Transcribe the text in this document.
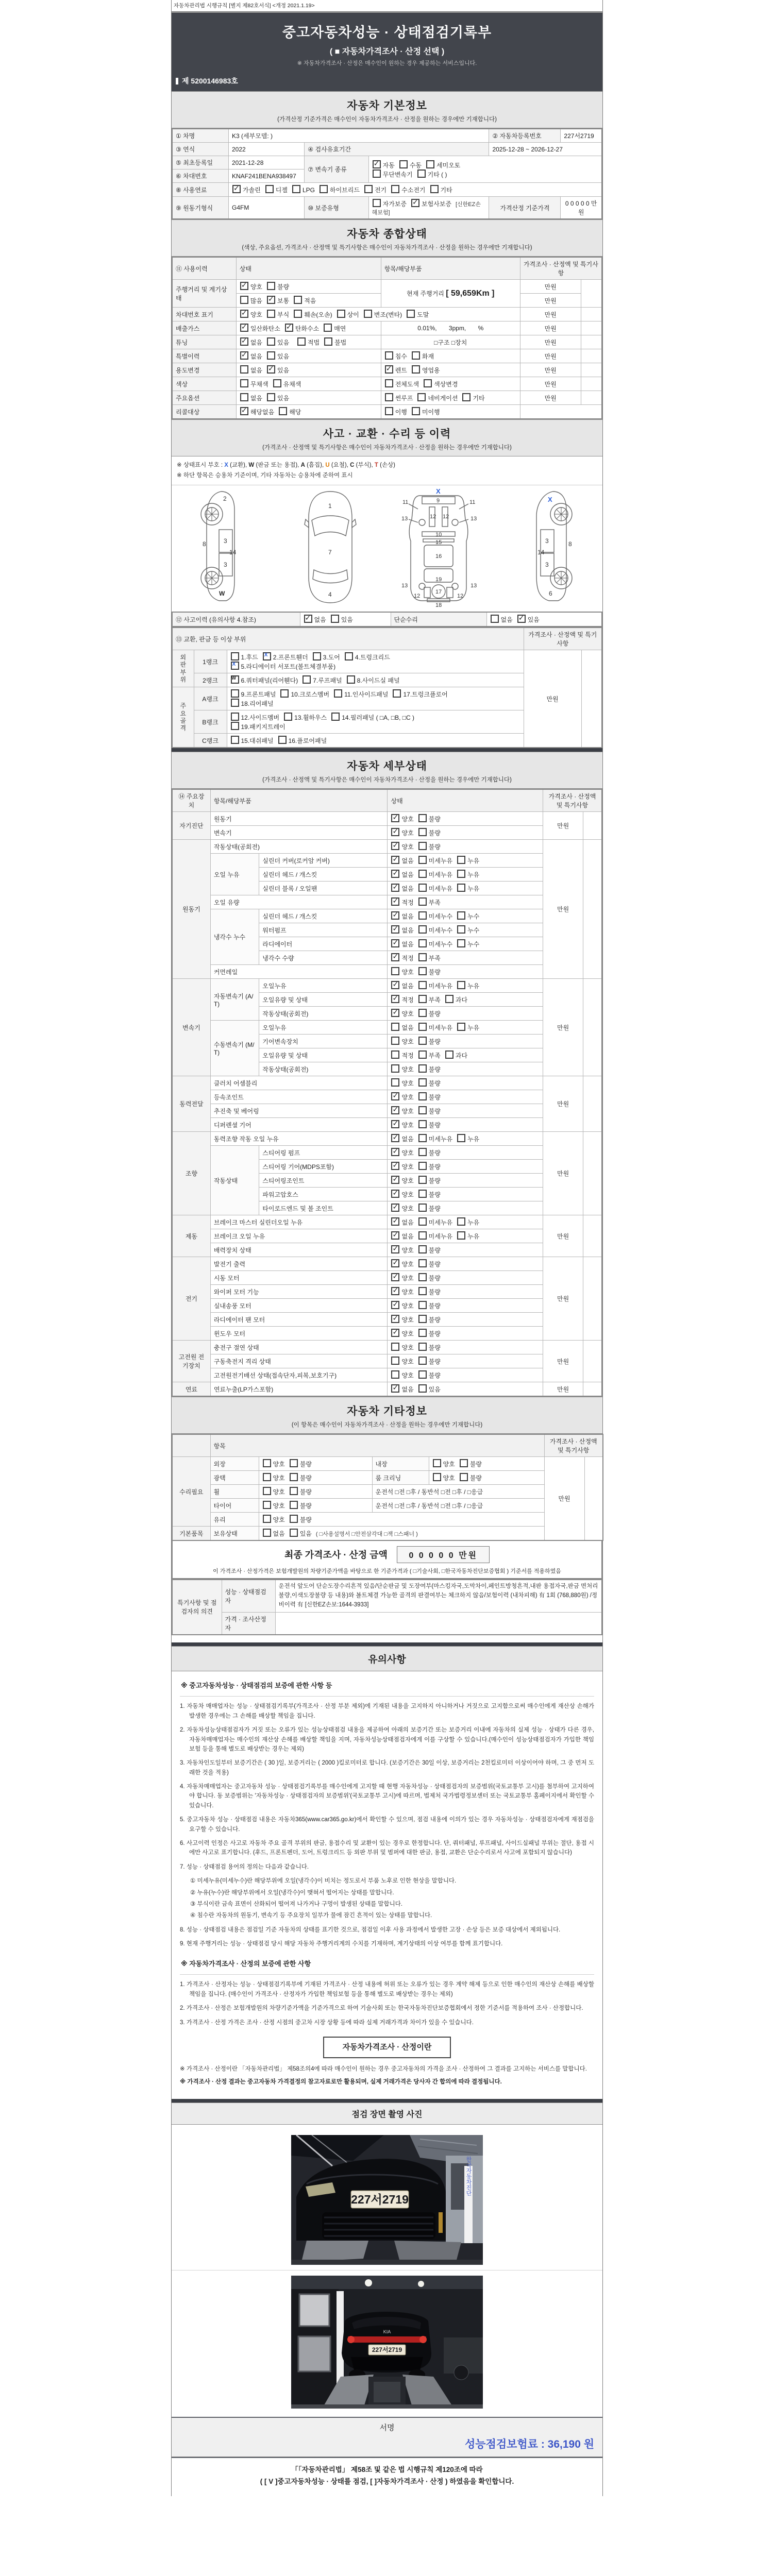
자동차관리법 시행규칙 [별지 제82호서식] <개정 2021.1.19>
중고자동차성능 · 상태점검기록부
( ■ 자동차가격조사 · 산정 선택 )
※ 자동차가격조사 · 산정은 매수인이 원하는 경우 제공하는 서비스입니다.
제 5200146983호
자동차 기본정보

(가격산정 기준가격은 매수인이 자동차가격조사 · 산정을 원하는 경우에만 기재합니다)

① 차명	K3 (세부모델: )			② 자동차등록번호	227서2719
③ 연식	2022	④ 검사유효기간		2025-12-28 ~ 2026-12-27	
⑤ 최초등록일	2021-12-28	⑦ 변속기 종류	✓자동 수동 세미오토
무단변속기 기타 ( )
⑥ 차대번호	KNAF241BENA938497				
⑧ 사용연료	✓가솔린 디젤 LPG 하이브리드 전기 수소전기 기타
⑨ 원동기형식	G4FM	⑩ 보증유형	자가보증 ✓ 보험사보증 [신한EZ손해보험]	가격산정 기준가격	0 0 0 0 0 만원
자동차 종합상태

(색상, 주요옵션, 가격조사 · 산정액 및 특기사항은 매수인이 자동차가격조사 · 산정을 원하는 경우에만 기재합니다)

⑪ 사용이력	상태	항목/해당부품	가격조사 · 산정액 및 특기사항	
주행거리 및 계기상태	✓양호 불량	현재 주행거리 [ 59,659Km ]	만원	
	많음 ✓ 보통 적음		만원	
차대번호 표기	✓양호 부식 훼손(오손) 상이 변조(변타) 도말		만원	
배출가스	✓일산화탄소 ✓ 탄화수소 매연	0.01%,       3ppm,       %	만원	
튜닝	✓없음 있음 적법 불법	□구조 □장치	만원	
특별이력	✓없음 있음	침수 화재	만원	
용도변경	없음 ✓ 있음	✓렌트 영업용	만원	
색상	무채색 유채색	전체도색 색상변경	만원	
주요옵션	없음 있음	썬루프 네비게이션 기타	만원	
리콜대상	✓해당없음 해당	이행 미이행		
사고 · 교환 · 수리 등 이력

(가격조사 · 산정액 및 특기사항은 매수인이 자동차가격조사 · 산정을 원하는 경우에만 기재합니다)

※ 상태표시 부호 : X (교환), W (판금 또는 용접), A (흠집), U (요철), C (부식), T (손상)
※ 하단 항목은 승용차 기준이며, 기타 자동차는 승용차에 준하여 표시
3
3
2
8
14
W
1
7
4
9
11	11
13	13
12 12
10
15
16
13	13
19
17
12	12
18
X
3
3
8
14
6
X
⑫ 사고이력 (유의사항 4.참조)	✓없음 있음	단순수리	없음 ✓ 있음
⑬ 교환, 판금 등 이상 부위			가격조사 · 산정액 및 특기사항	
외판부위	1랭크	1.후드 X 2.프론트휀더 3.도어 4.트렁크리드
X5.라디에이터 서포트(볼트체결부품)	만원	
	2랭크	W6.쿼터패널(리어휀다) 7.루프패널 8.사이드실 패널
주요골격	A랭크	9.프론트패널 10.크로스멤버 11.인사이드패널 17.트렁크플로어
18.리어패널		
	B랭크	12.사이드멤버 13.휠하우스 14.필러패널 ( □A, □B, □C )
19.패키지트레이		
	C랭크	15.대쉬패널 16.플로어패널		
자동차 세부상태

(가격조사 · 산정액 및 특기사항은 매수인이 자동차가격조사 · 산정을 원하는 경우에만 기재합니다)

⑭ 주요장치	항목/해당부품		상태	가격조사 · 산정액 및 특기사항	
자기진단	원동기	✓양호 불량	만원	
	변속기	✓양호 불량
원동기	작동상태(공회전)	✓양호 불량	만원	
	오일 누유	실린더 커버(로커암 커버)	✓없음 미세누유 누유
		실린더 헤드 / 개스킷	✓없음 미세누유 누유
		실린더 블록 / 오일팬	✓없음 미세누유 누유
	오일 유량	✓적정 부족
	냉각수 누수	실린더 헤드 / 개스킷	✓없음 미세누수 누수
		워터펌프	✓없음 미세누수 누수
		라디에이터	✓없음 미세누수 누수
		냉각수 수량	✓적정 부족
	커먼레일		양호 불량		
변속기	자동변속기 (A/T)	오일누유	✓없음 미세누유 누유	만원	
		오일유량 및 상태	✓적정 부족 과다
		작동상태(공회전)	✓양호 불량
	수동변속기 (M/T)	오일누유	없음 미세누유 누유		
		기어변속장치	양호 불량		
		오일유량 및 상태	적정 부족 과다		
		작동상태(공회전)	양호 불량		
동력전달	클러치 어셈블리		양호 불량	만원	
	등속조인트	✓양호 불량
	추진축 및 베어링	✓양호 불량
	디퍼렌셜 기어	✓양호 불량
조향	동력조향 작동 오일 누유	✓없음 미세누유 누유	만원	
	작동상태	스티어링 펌프	✓양호 불량
		스티어링 기어(MDPS포함)	✓양호 불량
		스티어링조인트	✓양호 불량
		파워고압호스	✓양호 불량
		타이로드엔드 및 볼 조인트	✓양호 불량
제동	브레이크 마스터 실린더오일 누유	✓없음 미세누유 누유	만원	
	브레이크 오일 누유	✓없음 미세누유 누유
	배력장치 상태	✓양호 불량
전기	발전기 출력	✓양호 불량	만원	
	시동 모터	✓양호 불량
	와이퍼 모터 기능	✓양호 불량
	실내송풍 모터	✓양호 불량
	라디에이터 팬 모터	✓양호 불량
	윈도우 모터	✓양호 불량
고전원 전기장치	충전구 절연 상태		양호 불량	만원	
	구동축전지 격리 상태		양호 불량		
	고전원전기배선 상태(접속단자,피복,보호기구)		양호 불량		
연료	연료누출(LP가스포함)	✓없음 있음	만원	
자동차 기타정보

(이 항목은 매수인이 자동차가격조사 · 산정을 원하는 경우에만 기재합니다)

	항목				가격조사 · 산정액 및 특기사항	
수리필요	외장	양호 불량	내장	양호 불량	만원	
	광택	양호 불량	룸 크리닝	양호 불량		
	휠	양호 불량	운전석 □전 □후 / 동반석 □전 □후 / □응급			
	타이어	양호 불량	운전석 □전 □후 / 동반석 □전 □후 / □응급			
	유리	양호 불량				
기본품목	보유상태	없음 있음 ( □사용설명서 □안전삼각대 □잭 □스패너 )				
최종 가격조사 · 산정 금액	0 0 0 0 0 만원
이 가격조사 · 산정가격은 보험개발원의 차량기준가액을 바탕으로 한 기준가격과 ( □기술사회, □한국자동차진단보증협회 ) 기준서를 적용하였음
특기사항 및 점검자의 의견	성능 · 상태점검자	운전석 앞도어 단순도장수리흔적 있음/단순판금 및 도장여부(마스킹자국,도막차이,페인트방청흔적,내판 용접자국,판금 면처리불량,이색도장불량 등 내용)와 볼트체결 가능한 골격의 판결여부는 체크하지 않음/보험이력 (내차피해) 有 1회 (768,880원) /정비이력 有 [신한EZ손보:1644-3933]
	가격 · 조사산정자	
유의사항
※ 중고자동차성능 · 상태점검의 보증에 관한 사항 등

1. 자동차 매매업자는 성능 · 상태점검기록부(가격조사 · 산정 부분 제외)에 기재된 내용을 고지하지 아니하거나 거짓으로 고지함으로써 매수인에게 재산상 손해가 발생한 경우에는 그 손해를 배상할 책임을 집니다.

2. 자동차성능상태점검자가 거짓 또는 오류가 있는 성능상태점검 내용을 제공하여 아래의 보증기간 또는 보증거리 이내에 자동차의 실제 성능 · 상태가 다른 경우, 자동차매매업자는 매수인의 재산상 손해를 배상할 책임을 지며, 자동차성능상태점검자에게 이를 구상할 수 있습니다.(매수인이 성능상태점검자가 가입한 책임보험 등을 통해 별도로 배상받는 경우는 제외)

3. 자동차인도일부터 보증기간은 ( 30 )일, 보증거리는 ( 2000 )킬로미터로 합니다. (보증기간은 30일 이상, 보증거리는 2천킬로미터 이상이어야 하며, 그 중 먼저 도래한 것을 적용)

4. 자동차매매업자는 중고자동차 성능 · 상태점검기록부를 매수인에게 고지할 때 현행 자동차성능 · 상태점검자의 보증범위(국토교통부 고시)를 첨부하여 고지하여야 합니다. 동 보증범위는 '자동차성능 · 상태점검자의 보증범위'(국토교통부 고시)에 따르며, 법제처 국가법령정보센터 또는 국토교통부 홈페이지에서 확인할 수 있습니다.

5. 중고자동차 성능 · 상태점검 내용은 자동차365(www.car365.go.kr)에서 확인할 수 있으며, 점검 내용에 이의가 있는 경우 자동차성능 · 상태점검자에게 재점검을 요구할 수 있습니다.

6. 사고이력 인정은 사고로 자동차 주요 골격 부위의 판금, 용접수리 및 교환이 있는 경우로 한정합니다. 단, 쿼터패널, 루프패널, 사이드실패널 부위는 절단, 용접 시에만 사고로 표기합니다. (후드, 프론트펜더, 도어, 트렁크리드 등 외판 부위 및 범퍼에 대한 판금, 용접, 교환은 단순수리로서 사고에 포함되지 않습니다)

7. 성능 · 상태점검 용어의 정의는 다음과 같습니다.

① 미세누유(미세누수)란 해당부위에 오일(냉각수)이 비치는 정도로서 부품 노후로 인한 현상을 말합니다.

② 누유(누수)란 해당부위에서 오일(냉각수)이 맺혀서 떨어지는 상태를 말합니다.

③ 부식이란 금속 표면이 산화되어 떨어져 나가거나 구멍이 발생된 상태를 말합니다.

④ 침수란 자동차의 원동기, 변속기 등 주요장치 일부가 물에 잠긴 흔적이 있는 상태를 말합니다.

8. 성능 · 상태점검 내용은 점검일 기준 자동차의 상태를 표기한 것으로, 점검일 이후 사용 과정에서 발생한 고장 · 손상 등은 보증 대상에서 제외됩니다.

9. 현재 주행거리는 성능 · 상태점검 당시 해당 자동차 주행거리계의 수치를 기재하며, 계기상태의 이상 여부를 함께 표기합니다.

※ 자동차가격조사 · 산정의 보증에 관한 사항

1. 가격조사 · 산정자는 성능 · 상태점검기록부에 기재된 가격조사 · 산정 내용에 허위 또는 오류가 있는 경우 계약 해제 등으로 인한 매수인의 재산상 손해를 배상할 책임을 집니다. (매수인이 가격조사 · 산정자가 가입한 책임보험 등을 통해 별도로 배상받는 경우는 제외)

2. 가격조사 · 산정은 보험개발원의 차량기준가액을 기준가격으로 하여 기술사회 또는 한국자동차진단보증협회에서 정한 기준서를 적용하여 조사 · 산정합니다.

3. 가격조사 · 산정 가격은 조사 · 산정 시점의 중고차 시장 상황 등에 따라 실제 거래가격과 차이가 있을 수 있습니다.

자동차가격조사 · 산정이란

※ 가격조사 · 산정이란 「자동차관리법」 제58조의4에 따라 매수인이 원하는 경우 중고자동차의 가격을 조사 · 산정하여 그 결과를 고지하는 서비스를 말합니다.

※ 가격조사 · 산정 결과는 중고자동차 가격결정의 참고자료로만 활용되며, 실제 거래가격은 당사자 간 합의에 따라 결정됩니다.

점검 장면 촬영 사진
한국자동차진단
227서2719
KIA
227서2719
서명
성능점검보험료 : 36,190 원
「「자동차관리법」 제58조 및 같은 법 시행규칙 제120조에 따라
( [ V ]중고자동차성능 · 상태를 점검, [ ]자동차가격조사 · 산정 ) 하였음을 확인합니다.
